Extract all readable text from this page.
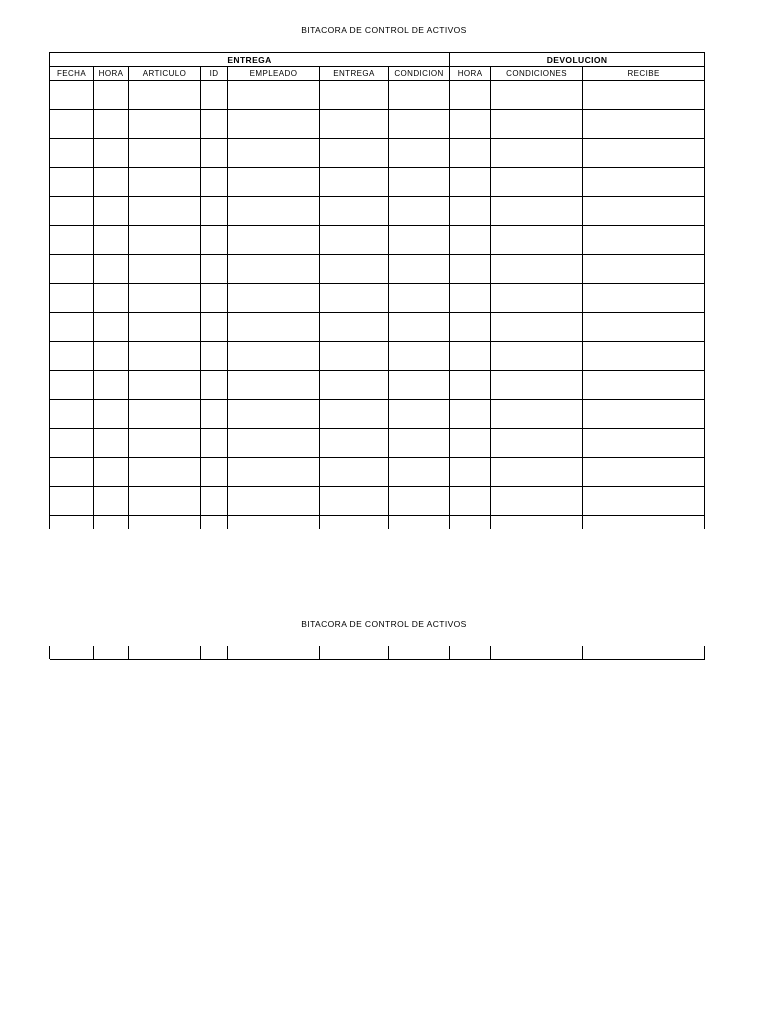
BITACORA DE CONTROL DE ACTIVOS
ENTREGA							DEVOLUCION		
FECHA	HORA	ARTICULO	ID	EMPLEADO	ENTREGA	CONDICION	HORA	CONDICIONES	RECIBE

BITACORA DE CONTROL DE ACTIVOS
